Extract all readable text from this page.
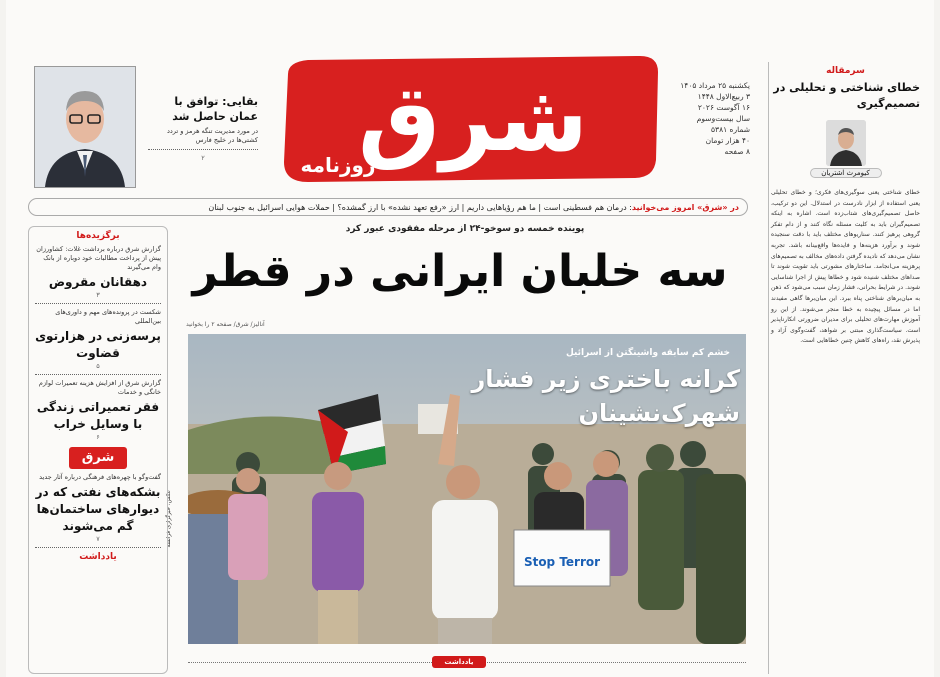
شرق
روزنامه
یکشنبه ۲۵ مرداد ۱۴۰۵
۳ ربیع‌الاول ۱۴۴۸
۱۶ آگوست ۲۰۲۶
سال بیست‌وسوم
شماره ۵۳۸۱
۴۰ هزار تومان
۸ صفحه
بقایی: توافق با عمان حاصل شد
در مورد مدیریت تنگه هرمز و تردد کشتی‌ها در خلیج فارس
۲
در «شرق» امروز می‌خوانید: درمان هم فسطینی است | ما هم رؤیاهایی داریم | ارز «رفع تعهد نشده» با ارز گمشده؟ | حملات هوایی اسرائیل به جنوب لبنان
پوینده خمسه دو سوخو-۲۴ از مرحله مفقودی عبور کرد
سه خلبان ایرانی در قطر
آنالیز/ شرق/ صفحه ۲ را بخوانید
Stop Terror
خشم کم سابقه واشینگتن از اسرائیل
کرانه باختری زیر فشار شهرک‌نشینان
عکس: خبرگزاری فرانسه
برگزیده‌ها
گزارش شرق درباره برداشت غلات: کشاورزان پیش از پرداخت مطالبات خود دوباره از بانک وام می‌گیرند
دهقانان مقروض
۳
شکست در پرونده‌های مهم و داوری‌های بین‌المللی
پرسه‌زنی در هزارتوی قضاوت
۵
گزارش شرق از افزایش هزینه تعمیرات لوازم خانگی و خدمات
فقر تعمیراتی زندگی با وسایل خراب
۶
شرق
گفت‌وگو با چهره‌های فرهنگی درباره آثار جدید
بشکه‌های نفتی که در دیوارهای ساختمان‌ها گم می‌شوند
۷
یادداشت
سرمقاله
خطای شناختی و تحلیلی در تصمیم‌گیری
کیومرث اشتریان
خطای شناختی یعنی سوگیری‌های فکری؛ و خطای تحلیلی یعنی استفاده از ابزار نادرست در استدلال. این دو ترکیب، حاصل تصمیم‌گیری‌های شتاب‌زده است. اشاره به اینکه تصمیم‌گیران باید به کلیت مسئله نگاه کنند و از دام تفکر گروهی پرهیز کنند. سناریوهای مختلف باید با دقت سنجیده شوند و برآورد هزینه‌ها و فایده‌ها واقع‌بینانه باشد. تجربه نشان می‌دهد که نادیده گرفتن داده‌های مخالف به تصمیم‌های پرهزینه می‌انجامد. ساختارهای مشورتی باید تقویت شوند تا صداهای مختلف شنیده شود و خطاها پیش از اجرا شناسایی شوند. در شرایط بحرانی، فشار زمان سبب می‌شود که ذهن به میان‌برهای شناختی پناه ببرد. این میان‌برها گاهی مفیدند اما در مسائل پیچیده به خطا منجر می‌شوند. از این رو آموزش مهارت‌های تحلیلی برای مدیران ضرورتی انکارناپذیر است. سیاست‌گذاری مبتنی بر شواهد، گفت‌وگوی آزاد و پذیرش نقد، راه‌های کاهش چنین خطاهایی است.
یادداشت
